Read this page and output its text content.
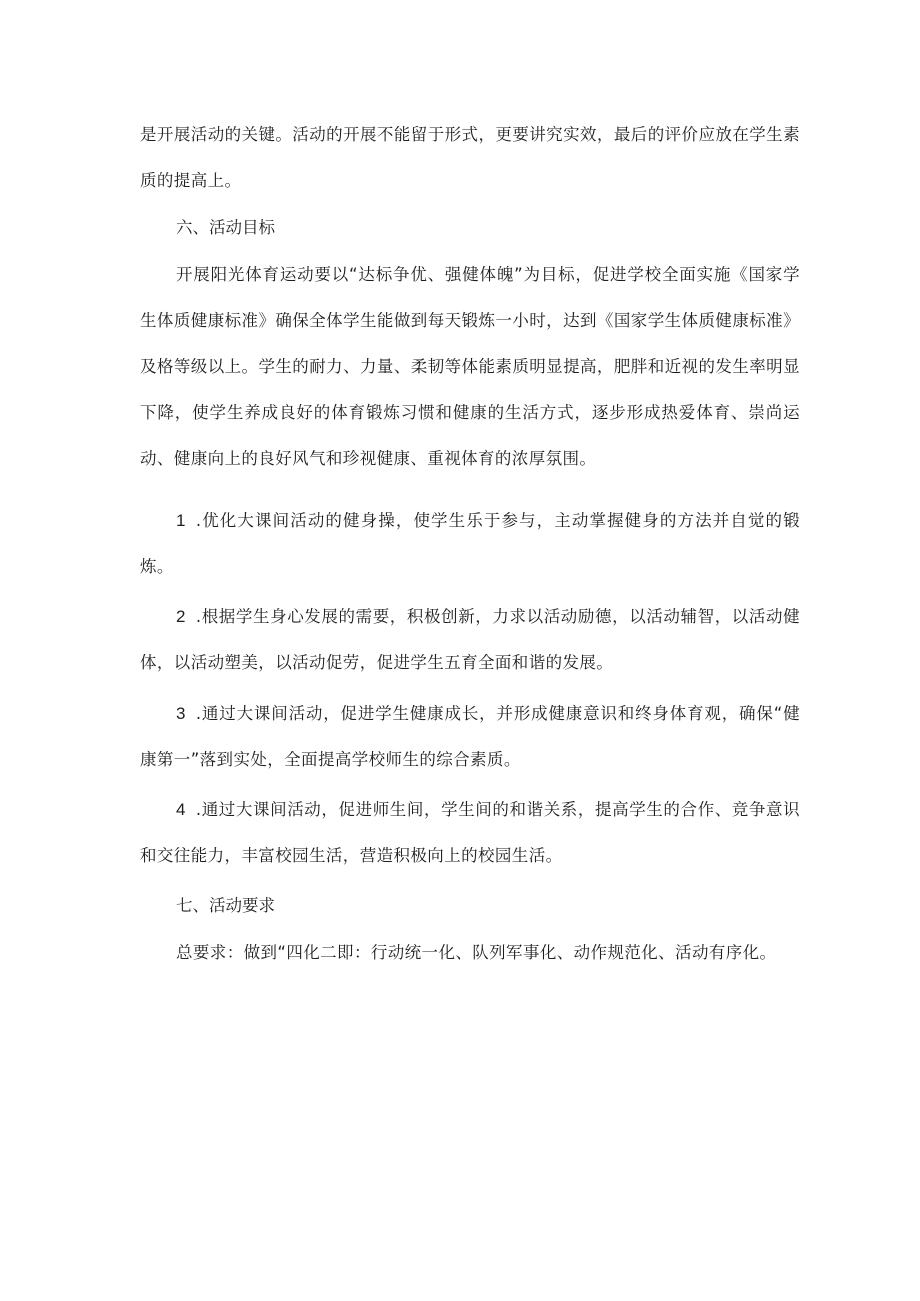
是开展活动的关键。活动的开展不能留于形式，更要讲究实效，最后的评价应放在学生素质的提高上。

六、活动目标

开展阳光体育运动要以“达标争优、强健体魄”为目标，促进学校全面实施《国家学生体质健康标准》确保全体学生能做到每天锻炼一小时，达到《国家学生体质健康标准》及格等级以上。学生的耐力、力量、柔韧等体能素质明显提高，肥胖和近视的发生率明显下降，使学生养成良好的体育锻炼习惯和健康的生活方式，逐步形成热爱体育、崇尚运动、健康向上的良好风气和珍视健康、重视体育的浓厚氛围。

1 .优化大课间活动的健身操，使学生乐于参与，主动掌握健身的方法并自觉的锻炼。

2 .根据学生身心发展的需要，积极创新，力求以活动励德，以活动辅智，以活动健体，以活动塑美，以活动促劳，促进学生五育全面和谐的发展。

3 .通过大课间活动，促进学生健康成长，并形成健康意识和终身体育观，确保“健康第一”落到实处，全面提高学校师生的综合素质。

4 .通过大课间活动，促进师生间，学生间的和谐关系，提高学生的合作、竞争意识和交往能力，丰富校园生活，营造积极向上的校园生活。

七、活动要求

总要求：做到“四化二即：行动统一化、队列军事化、动作规范化、活动有序化。
